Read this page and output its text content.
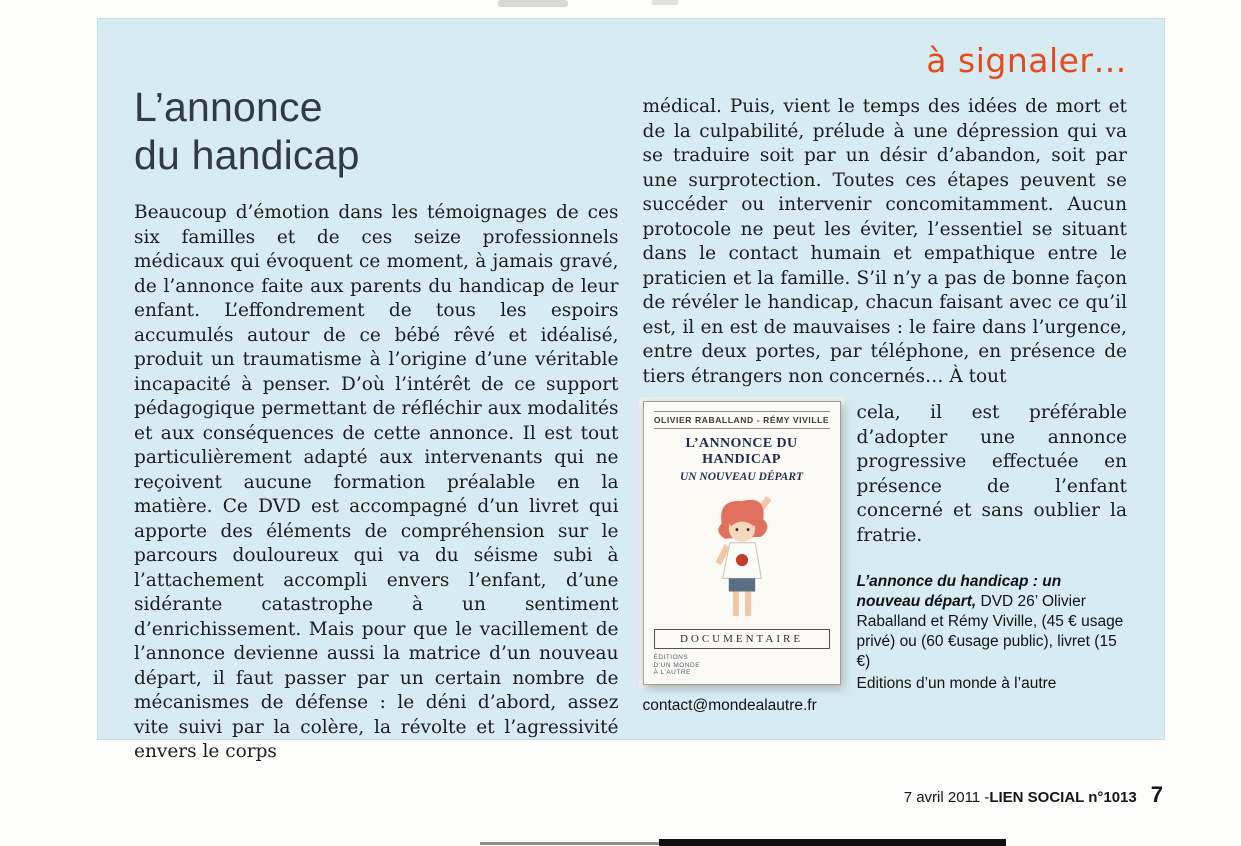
L’annonce
du handicap

Beaucoup d’émotion dans les témoignages de ces six familles et de ces seize professionnels médicaux qui évoquent ce moment, à jamais gravé, de l’annonce faite aux parents du handicap de leur enfant. L’effondrement de tous les espoirs accumulés autour de ce bébé rêvé et idéalisé, produit un traumatisme à l’origine d’une véritable incapacité à penser. D’où l’intérêt de ce support pédagogique permettant de réfléchir aux modalités et aux conséquences de cette annonce. Il est tout particulièrement adapté aux intervenants qui ne reçoivent aucune formation préalable en la matière. Ce DVD est accompagné d’un livret qui apporte des éléments de compréhension sur le parcours douloureux qui va du séisme subi à l’attachement accompli envers l’enfant, d’une sidérante catastrophe à un sentiment d’enrichissement. Mais pour que le vacillement de l’annonce devienne aussi la matrice d’un nouveau départ, il faut passer par un certain nombre de mécanismes de défense : le déni d’abord, assez vite suivi par la colère, la révolte et l’agressivité envers le corps

à signaler…

médical. Puis, vient le temps des idées de mort et de la culpabilité, prélude à une dépression qui va se traduire soit par un désir d’abandon, soit par une surprotection. Toutes ces étapes peuvent se succéder ou intervenir concomitamment. Aucun protocole ne peut les éviter, l’essentiel se situant dans le contact humain et empathique entre le praticien et la famille. S’il n’y a pas de bonne façon de révéler le handicap, chacun faisant avec ce qu’il est, il en est de mauvaises : le faire dans l’urgence, entre deux portes, par téléphone, en présence de tiers étrangers non concernés… À tout

OLIVIER RABALLAND - RÉMY VIVILLE
L’ANNONCE DU HANDICAP
UN NOUVEAU DÉPART
DOCUMENTAIRE
ÉDITIONS
D’UN MONDE
À L’AUTRE

cela, il est préférable d’adopter une annonce progressive effectuée en présence de l’enfant concerné et sans oublier la fratrie.

L’annonce du handicap : un nouveau départ, DVD 26’ Olivier Raballand et Rémy Viville, (45 € usage privé) ou (60 €usage public), livret (15 €)
Editions d’un monde à l’autre
contact@mondealautre.fr
7 avril 2011 - LIEN SOCIAL n°1013 7
